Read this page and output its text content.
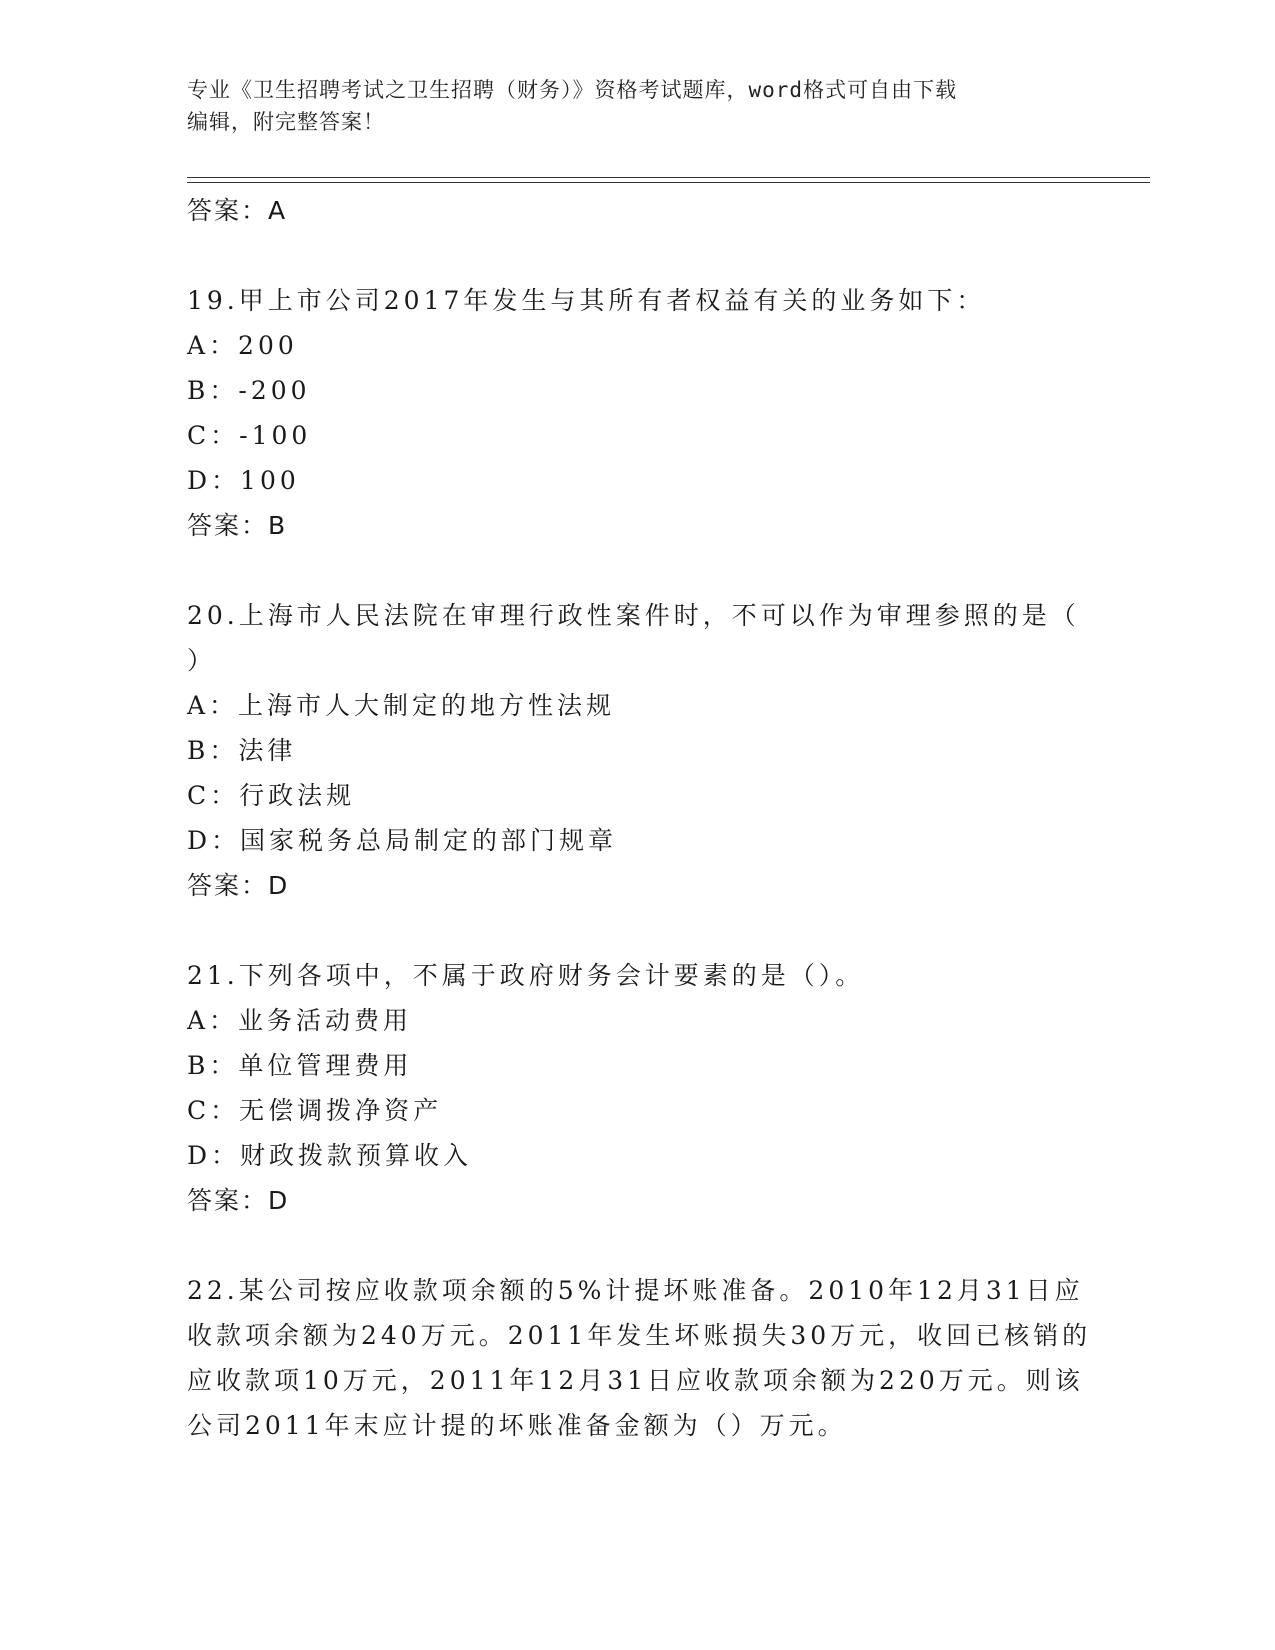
专业《卫生招聘考试之卫生招聘（财务）》资格考试题库，word格式可自由下载
编辑，附完整答案！

答案：A

19.甲上市公司2017年发生与其所有者权益有关的业务如下：

A：200

B：-200

C：-100

D：100

答案：B

20.上海市人民法院在审理行政性案件时，不可以作为审理参照的是（

）

A：上海市人大制定的地方性法规

B：法律

C：行政法规

D：国家税务总局制定的部门规章

答案：D

21.下列各项中，不属于政府财务会计要素的是（）。

A：业务活动费用

B：单位管理费用

C：无偿调拨净资产

D：财政拨款预算收入

答案：D

22.某公司按应收款项余额的5%计提坏账准备。2010年12月31日应

收款项余额为240万元。2011年发生坏账损失30万元，收回已核销的

应收款项10万元，2011年12月31日应收款项余额为220万元。则该

公司2011年末应计提的坏账准备金额为（）万元。
